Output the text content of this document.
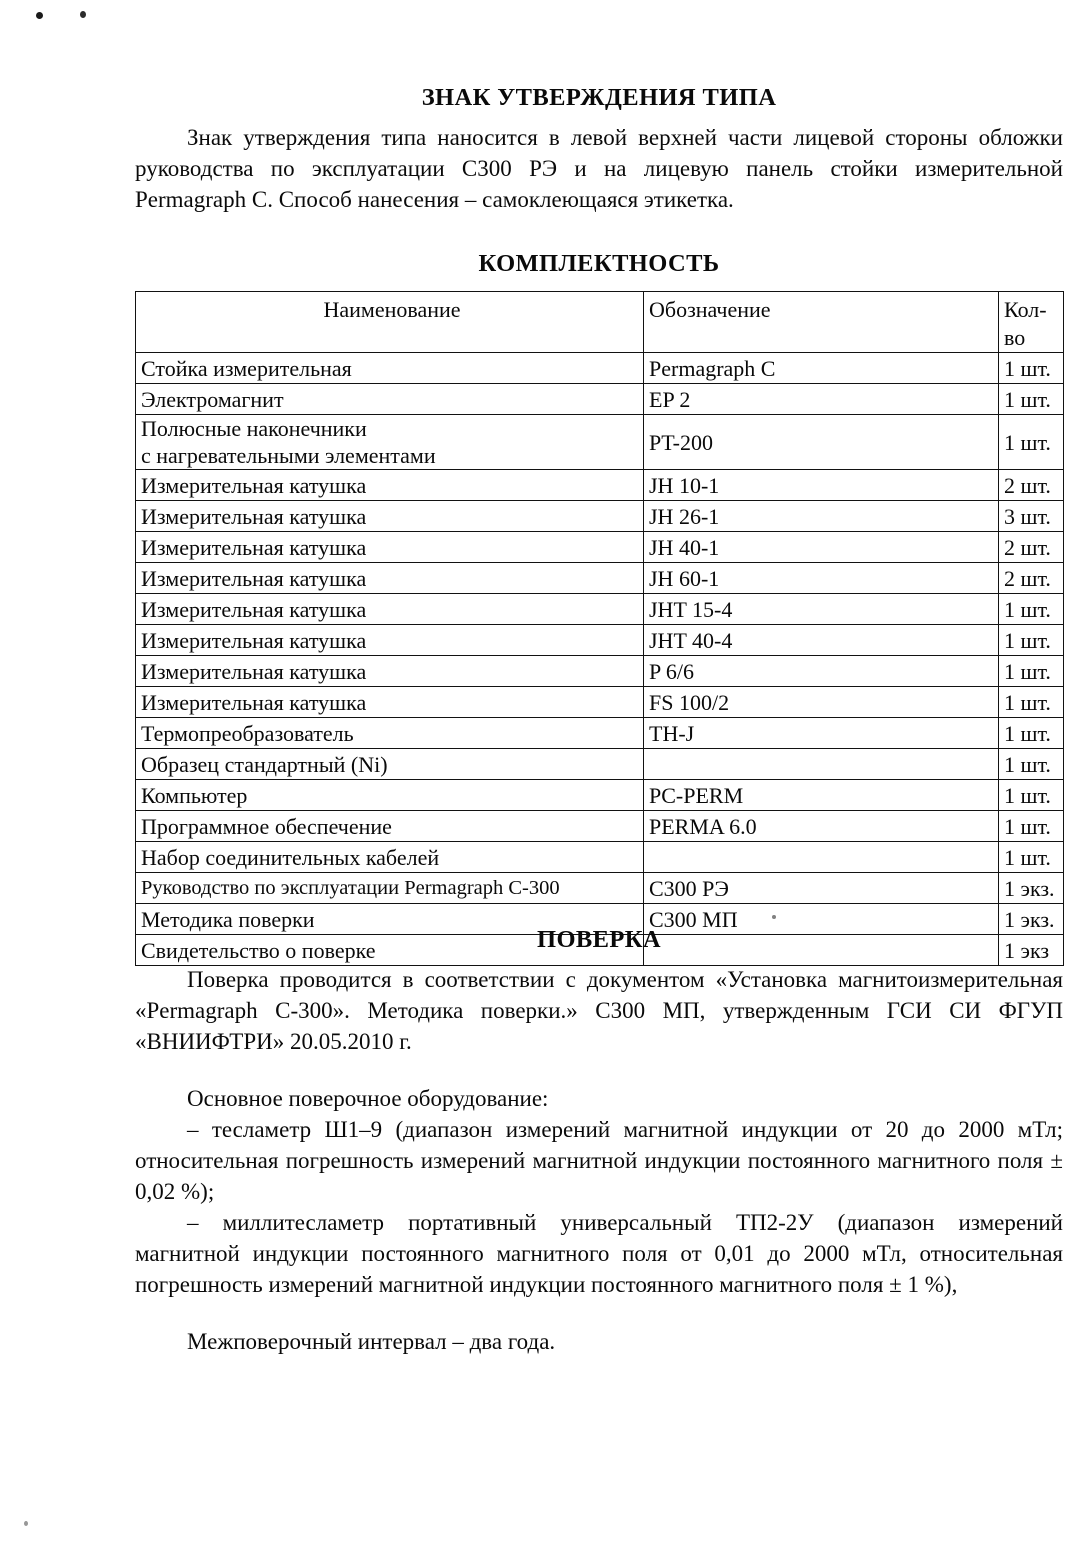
ЗНАК УТВЕРЖДЕНИЯ ТИПА

Знак утверждения типа наносится в левой верхней части лицевой стороны обложки руководства по эксплуатации С300 РЭ и на лицевую панель стойки измерительной Permagraph C. Способ нанесения – самоклеющаяся этикетка.

КОМПЛЕКТНОСТЬ
Наименование	Обозначение	Кол-
во
Стойка измерительная	Permagraph C	1 шт.
Электромагнит	EP 2	1 шт.
Полюсные наконечники
с нагревательными элементами	PT-200	1 шт.
Измерительная катушка	JH 10-1	2 шт.
Измерительная катушка	JH 26-1	3 шт.
Измерительная катушка	JH 40-1	2 шт.
Измерительная катушка	JH 60-1	2 шт.
Измерительная катушка	JHT 15-4	1 шт.
Измерительная катушка	JHT 40-4	1 шт.
Измерительная катушка	P 6/6	1 шт.
Измерительная катушка	FS 100/2	1 шт.
Термопреобразователь	TH-J	1 шт.
Образец стандартный (Ni)		1 шт.
Компьютер	PC-PERM	1 шт.
Программное обеспечение	PERMA 6.0	1 шт.
Набор соединительных кабелей		1 шт.
Руководство по эксплуатации Permagraph С-300	С300 РЭ	1 экз.
Методика поверки	С300 МП	1 экз.
Свидетельство о поверке		1 экз
ПОВЕРКА

Поверка проводится в соответствии с документом «Установка магнитоизмерительная «Permagraph С-300». Методика поверки.» С300 МП, утвержденным ГСИ СИ ФГУП «ВНИИФТРИ» 20.05.2010 г.

Основное поверочное оборудование:

– тесламетр Ш1–9 (диапазон измерений магнитной индукции от 20 до 2000 мТл; относительная погрешность измерений магнитной индукции постоянного магнитного поля ± 0,02 %);

– миллитесламетр портативный универсальный ТП2-2У (диапазон измерений магнитной индукции постоянного магнитного поля от 0,01 до 2000 мТл, относительная погрешность измерений магнитной индукции постоянного магнитного поля ± 1 %),

Межповерочный интервал – два года.
